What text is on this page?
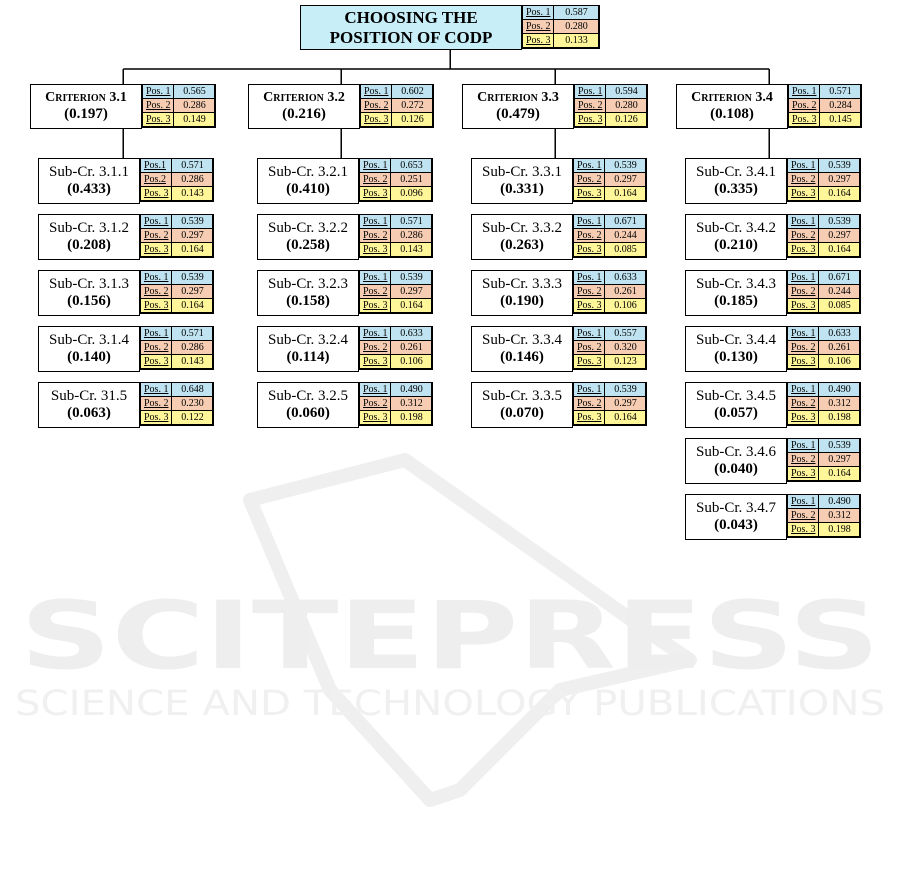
SCITEPRESS
SCIENCE AND TECHNOLOGY PUBLICATIONS
CHOOSING THE
POSITION OF CODP
Pos. 1	0.587
Pos. 2	0.280
Pos. 3	0.133
Criterion 3.1
(0.197)
Pos. 1	0.565
Pos. 2	0.286
Pos. 3	0.149
Sub-Cr. 3.1.1
(0.433)
Pos.1	0.571
Pos.2	0.286
Pos. 3	0.143
Sub-Cr. 3.1.2
(0.208)
Pos. 1	0.539
Pos. 2	0.297
Pos. 3	0.164
Sub-Cr. 3.1.3
(0.156)
Pos. 1	0.539
Pos. 2	0.297
Pos. 3	0.164
Sub-Cr. 3.1.4
(0.140)
Pos. 1	0.571
Pos. 2	0.286
Pos. 3	0.143
Sub-Cr. 31.5
(0.063)
Pos. 1	0.648
Pos. 2	0.230
Pos. 3	0.122
Criterion 3.2
(0.216)
Pos. 1	0.602
Pos. 2	0.272
Pos. 3	0.126
Sub-Cr. 3.2.1
(0.410)
Pos. 1	0.653
Pos. 2	0.251
Pos. 3	0.096
Sub-Cr. 3.2.2
(0.258)
Pos. 1	0.571
Pos. 2	0.286
Pos. 3	0.143
Sub-Cr. 3.2.3
(0.158)
Pos. 1	0.539
Pos. 2	0.297
Pos. 3	0.164
Sub-Cr. 3.2.4
(0.114)
Pos. 1	0.633
Pos. 2	0.261
Pos. 3	0.106
Sub-Cr. 3.2.5
(0.060)
Pos. 1	0.490
Pos. 2	0.312
Pos. 3	0.198
Criterion 3.3
(0.479)
Pos. 1	0.594
Pos. 2	0.280
Pos. 3	0.126
Sub-Cr. 3.3.1
(0.331)
Pos. 1	0.539
Pos. 2	0.297
Pos. 3	0.164
Sub-Cr. 3.3.2
(0.263)
Pos. 1	0.671
Pos. 2	0.244
Pos. 3	0.085
Sub-Cr. 3.3.3
(0.190)
Pos. 1	0.633
Pos. 2	0.261
Pos. 3	0.106
Sub-Cr. 3.3.4
(0.146)
Pos. 1	0.557
Pos. 2	0.320
Pos. 3	0.123
Sub-Cr. 3.3.5
(0.070)
Pos. 1	0.539
Pos. 2	0.297
Pos. 3	0.164
Criterion 3.4
(0.108)
Pos. 1	0.571
Pos. 2	0.284
Pos. 3	0.145
Sub-Cr. 3.4.1
(0.335)
Pos. 1	0.539
Pos. 2	0.297
Pos. 3	0.164
Sub-Cr. 3.4.2
(0.210)
Pos. 1	0.539
Pos. 2	0.297
Pos. 3	0.164
Sub-Cr. 3.4.3
(0.185)
Pos. 1	0.671
Pos. 2	0.244
Pos. 3	0.085
Sub-Cr. 3.4.4
(0.130)
Pos. 1	0.633
Pos. 2	0.261
Pos. 3	0.106
Sub-Cr. 3.4.5
(0.057)
Pos. 1	0.490
Pos. 2	0.312
Pos. 3	0.198
Sub-Cr. 3.4.6
(0.040)
Pos. 1	0.539
Pos. 2	0.297
Pos. 3	0.164
Sub-Cr. 3.4.7
(0.043)
Pos. 1	0.490
Pos. 2	0.312
Pos. 3	0.198
